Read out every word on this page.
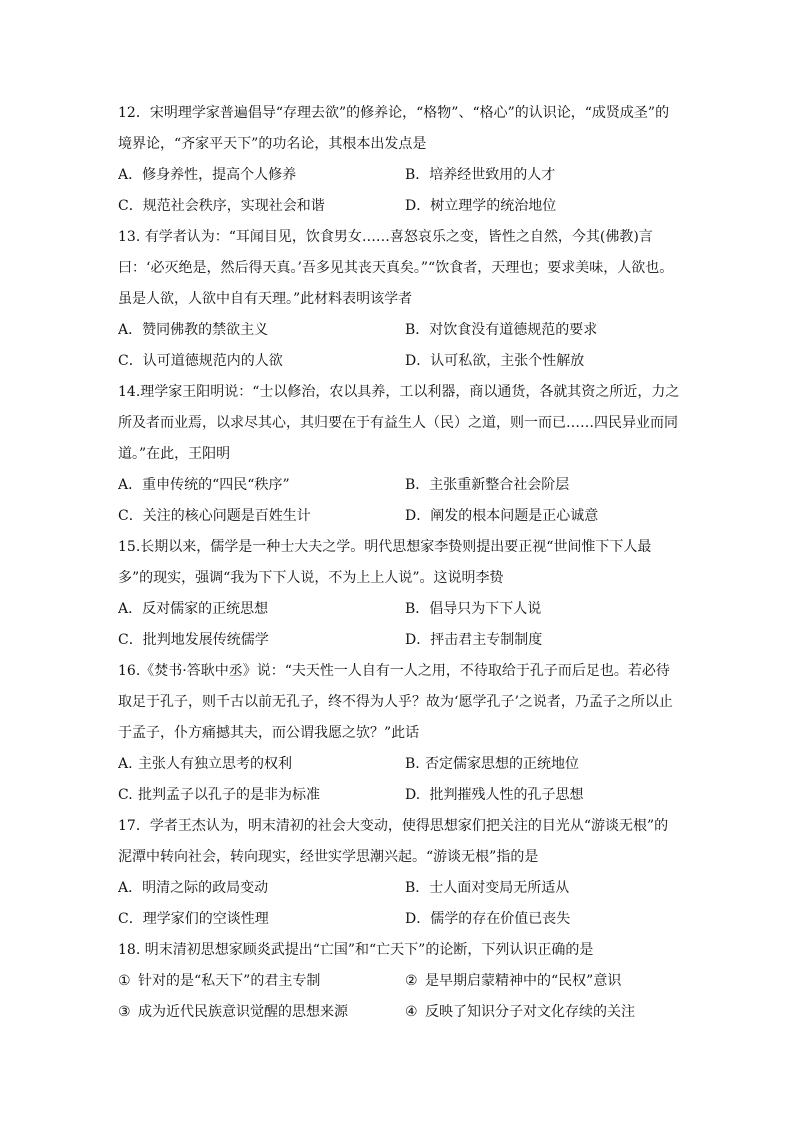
12．宋明理学家普遍倡导“存理去欲”的修养论，“格物”、“格心”的认识论，“成贤成圣”的境界论，“齐家平天下”的功名论，其根本出发点是

A．修身养性，提高个人修养	B．培养经世致用的人才
C．规范社会秩序，实现社会和谐	D．树立理学的统治地位

13. 有学者认为：“耳闻目见，饮食男女……喜怒哀乐之变，皆性之自然，今其(佛教)言曰：‘必灭绝是，然后得天真。’吾多见其丧天真矣。”“饮食者，天理也；要求美味，人欲也。虽是人欲，人欲中自有天理。”此材料表明该学者

A．赞同佛教的禁欲主义	B．对饮食没有道德规范的要求
C．认可道德规范内的人欲	D．认可私欲，主张个性解放

14.理学家王阳明说：“士以修治，农以具养，工以利器，商以通货，各就其资之所近，力之所及者而业焉，以求尽其心，其归要在于有益生人（民）之道，则一而已……四民异业而同道。”在此，王阳明

A．重申传统的“四民“秩序”	B．主张重新整合社会阶层
C．关注的核心问题是百姓生计	D．阐发的根本问题是正心诚意

15.长期以来，儒学是一种士大夫之学。明代思想家李贽则提出要正视“世间惟下下人最多”的现实，强调“我为下下人说，不为上上人说”。这说明李贽

A．反对儒家的正统思想	B．倡导只为下下人说
C．批判地发展传统儒学	D．抨击君主专制制度

16.《焚书·答耿中丞》说：“夫天性一人自有一人之用，不待取给于孔子而后足也。若必待取足于孔子，则千古以前无孔子，终不得为人乎？故为‘愿学孔子’之说者，乃孟子之所以止于孟子，仆方痛撼其夫，而公谓我愿之欤？”此话

A. 主张人有独立思考的权利	B. 否定儒家思想的正统地位
C. 批判孟子以孔子的是非为标准	D. 批判摧残人性的孔子思想

17．学者王杰认为，明末清初的社会大变动，使得思想家们把关注的目光从“游谈无根”的泥潭中转向社会，转向现实，经世实学思潮兴起。“游谈无根”指的是

A．明清之际的政局变动	B．士人面对变局无所适从
C．理学家们的空谈性理	D．儒学的存在价值已丧失

18. 明末清初思想家顾炎武提出“亡国”和“亡天下”的论断，下列认识正确的是

① 针对的是“私天下”的君主专制	② 是早期启蒙精神中的“民权”意识
③ 成为近代民族意识觉醒的思想来源	④ 反映了知识分子对文化存续的关注
